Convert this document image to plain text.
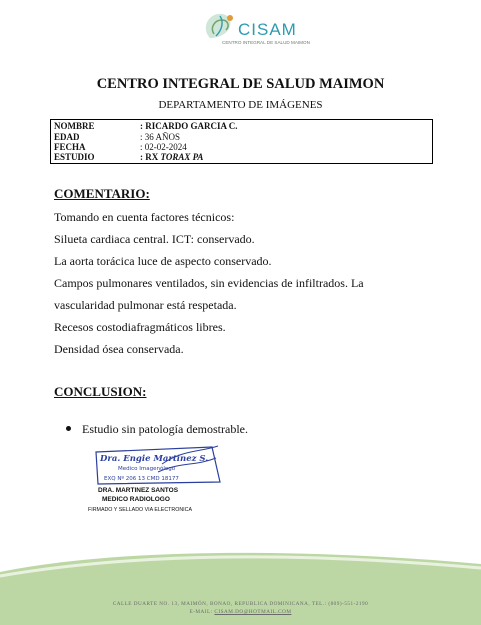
CISAM
CENTRO INTEGRAL DE SALUD MAIMON
CENTRO INTEGRAL DE SALUD MAIMON
DEPARTAMENTO DE IMÁGENES
NOMBRE	: RICARDO GARCIA C.
EDAD	: 36 AÑOS
FECHA	: 02-02-2024
ESTUDIO	: RX TORAX PA
COMENTARIO:
Tomando en cuenta factores técnicos:
Silueta cardiaca central. ICT: conservado.
La aorta torácica luce de aspecto conservado.
Campos pulmonares ventilados, sin evidencias de infiltrados. La
vascularidad pulmonar está respetada.
Recesos costodiafragmáticos libres.
Densidad ósea conservada.
CONCLUSION:
Estudio sin patología demostrable.
Dra. Engie Martinez S.
Medico Imagenólogo
EXQ Nº 206 13 CMD 18177
DRA. MARTINEZ SANTOS
MEDICO RADIOLOGO
FIRMADO Y SELLADO VIA ELECTRONICA
CALLE DUARTE NO. 13, MAIMÓN, BONAO, REPUBLICA DOMINICANA, TEL.: (809)-551-2190
E-MAIL: CISAM.DO@HOTMAIL.COM
